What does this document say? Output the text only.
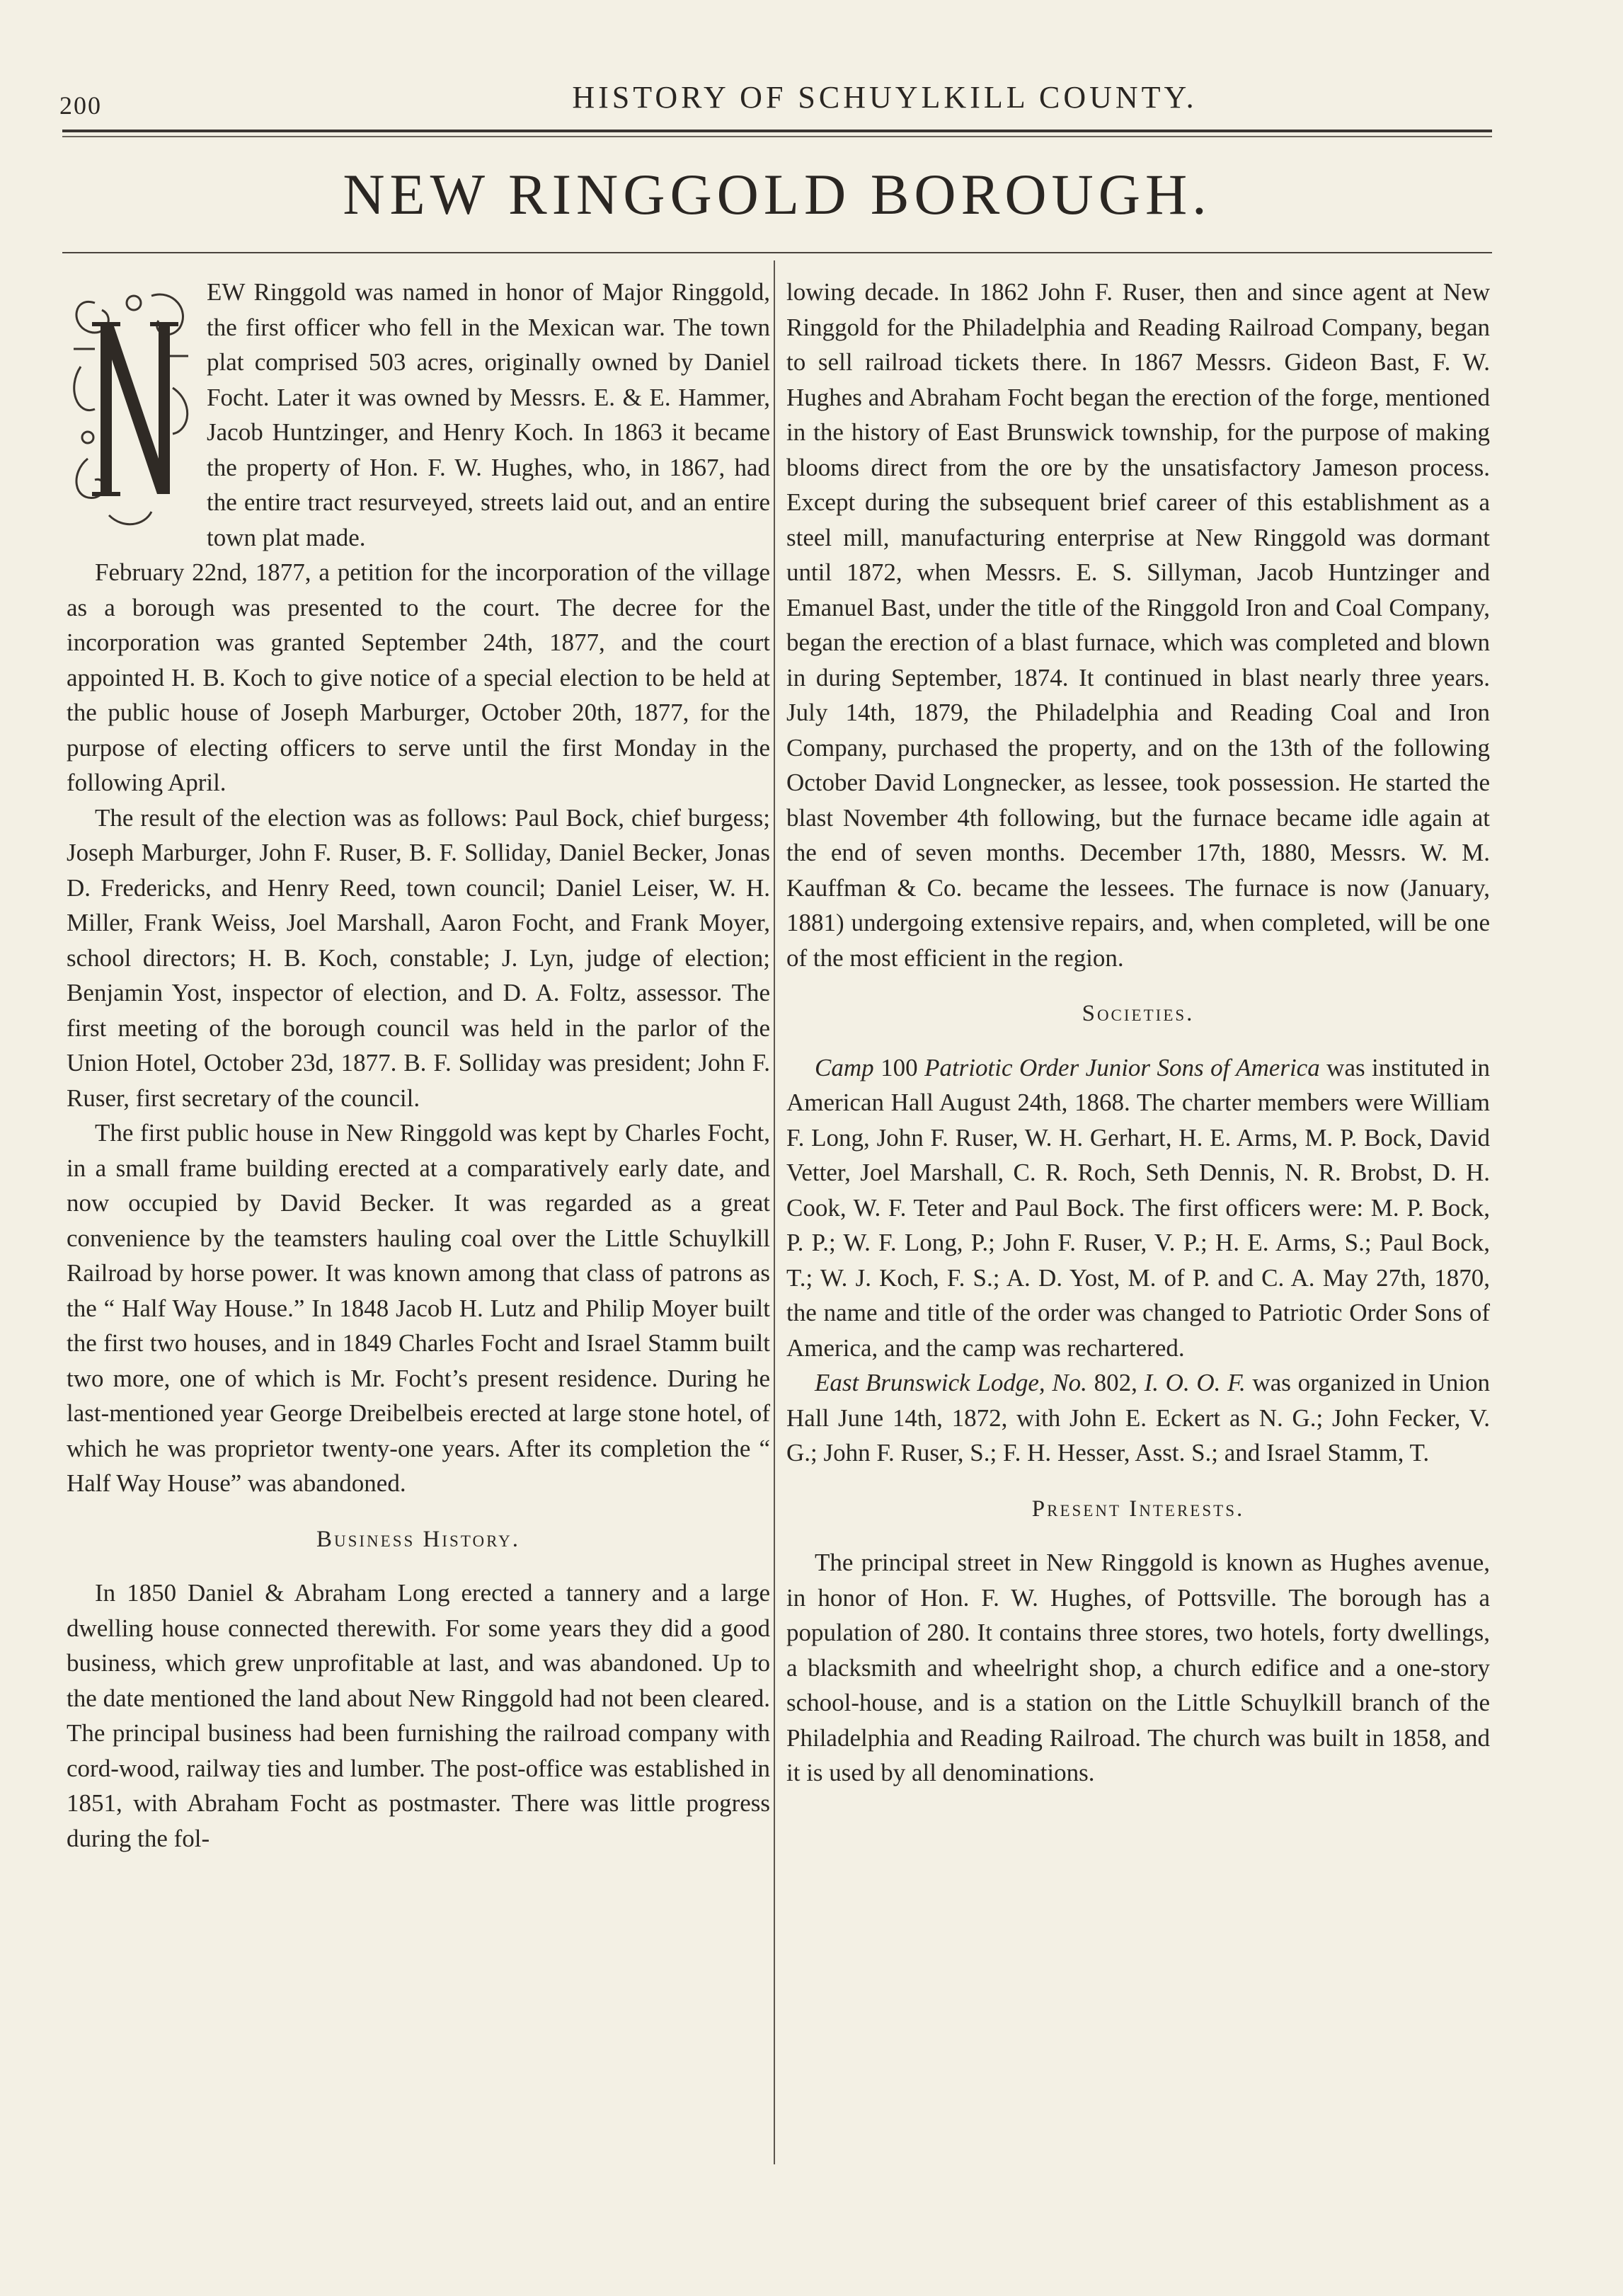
200	HISTORY OF SCHUYLKILL COUNTY.
NEW RINGGOLD BOROUGH.

EW Ringgold was named in honor of Major Ringgold, the first officer who fell in the Mexican war. The town plat comprised 503 acres, originally owned by Daniel Focht. Later it was owned by Messrs. E. & E. Hammer, Jacob Huntzinger, and Henry Koch. In 1863 it became the property of Hon. F. W. Hughes, who, in 1867, had the entire tract resurveyed, streets laid out, and an entire town plat made.

February 22nd, 1877, a petition for the incorporation of the village as a borough was presented to the court. The decree for the incorporation was granted September 24th, 1877, and the court appointed H. B. Koch to give notice of a special election to be held at the public house of Joseph Marburger, October 20th, 1877, for the purpose of electing officers to serve until the first Monday in the following April.

The result of the election was as follows: Paul Bock, chief burgess; Joseph Marburger, John F. Ruser, B. F. Solliday, Daniel Becker, Jonas D. Fredericks, and Henry Reed, town council; Daniel Leiser, W. H. Miller, Frank Weiss, Joel Marshall, Aaron Focht, and Frank Moyer, school directors; H. B. Koch, constable; J. Lyn, judge of election; Benjamin Yost, inspector of election, and D. A. Foltz, assessor. The first meeting of the borough council was held in the parlor of the Union Hotel, October 23d, 1877. B. F. Solliday was president; John F. Ruser, first secretary of the council.

The first public house in New Ringgold was kept by Charles Focht, in a small frame building erected at a comparatively early date, and now occupied by David Becker. It was regarded as a great convenience by the teamsters hauling coal over the Little Schuylkill Railroad by horse power. It was known among that class of patrons as the “ Half Way House.” In 1848 Jacob H. Lutz and Philip Moyer built the first two houses, and in 1849 Charles Focht and Israel Stamm built two more, one of which is Mr. Focht’s present residence. During he last-mentioned year George Dreibelbeis erected at large stone hotel, of which he was proprietor twenty-one years. After its completion the “ Half Way House” was abandoned.

Business History.

In 1850 Daniel & Abraham Long erected a tannery and a large dwelling house connected therewith. For some years they did a good business, which grew unprofitable at last, and was abandoned. Up to the date mentioned the land about New Ringgold had not been cleared. The principal business had been furnishing the railroad company with cord-wood, railway ties and lumber. The post-office was established in 1851, with Abraham Focht as postmaster. There was little progress during the fol-

lowing decade. In 1862 John F. Ruser, then and since agent at New Ringgold for the Philadelphia and Reading Railroad Company, began to sell railroad tickets there. In 1867 Messrs. Gideon Bast, F. W. Hughes and Abraham Focht began the erection of the forge, mentioned in the history of East Brunswick township, for the purpose of making blooms direct from the ore by the unsatisfactory Jameson process. Except during the subsequent brief career of this establishment as a steel mill, manufacturing enterprise at New Ringgold was dormant until 1872, when Messrs. E. S. Sillyman, Jacob Huntzinger and Emanuel Bast, under the title of the Ringgold Iron and Coal Company, began the erection of a blast furnace, which was completed and blown in during September, 1874. It continued in blast nearly three years. July 14th, 1879, the Philadelphia and Reading Coal and Iron Company, purchased the property, and on the 13th of the following October David Longnecker, as lessee, took possession. He started the blast November 4th following, but the furnace became idle again at the end of seven months. December 17th, 1880, Messrs. W. M. Kauffman & Co. became the lessees. The furnace is now (January, 1881) undergoing extensive repairs, and, when completed, will be one of the most efficient in the region.

Societies.

Camp 100 Patriotic Order Junior Sons of America was instituted in American Hall August 24th, 1868. The charter members were William F. Long, John F. Ruser, W. H. Gerhart, H. E. Arms, M. P. Bock, David Vetter, Joel Marshall, C. R. Roch, Seth Dennis, N. R. Brobst, D. H. Cook, W. F. Teter and Paul Bock. The first officers were: M. P. Bock, P. P.; W. F. Long, P.; John F. Ruser, V. P.; H. E. Arms, S.; Paul Bock, T.; W. J. Koch, F. S.; A. D. Yost, M. of P. and C. A. May 27th, 1870, the name and title of the order was changed to Patriotic Order Sons of America, and the camp was rechartered.

East Brunswick Lodge, No. 802, I. O. O. F. was organized in Union Hall June 14th, 1872, with John E. Eckert as N. G.; John Fecker, V. G.; John F. Ruser, S.; F. H. Hesser, Asst. S.; and Israel Stamm, T.

Present Interests.

The principal street in New Ringgold is known as Hughes avenue, in honor of Hon. F. W. Hughes, of Pottsville. The borough has a population of 280. It contains three stores, two hotels, forty dwellings, a blacksmith and wheelright shop, a church edifice and a one-story school-house, and is a station on the Little Schuylkill branch of the Philadelphia and Reading Railroad. The church was built in 1858, and it is used by all denominations.
